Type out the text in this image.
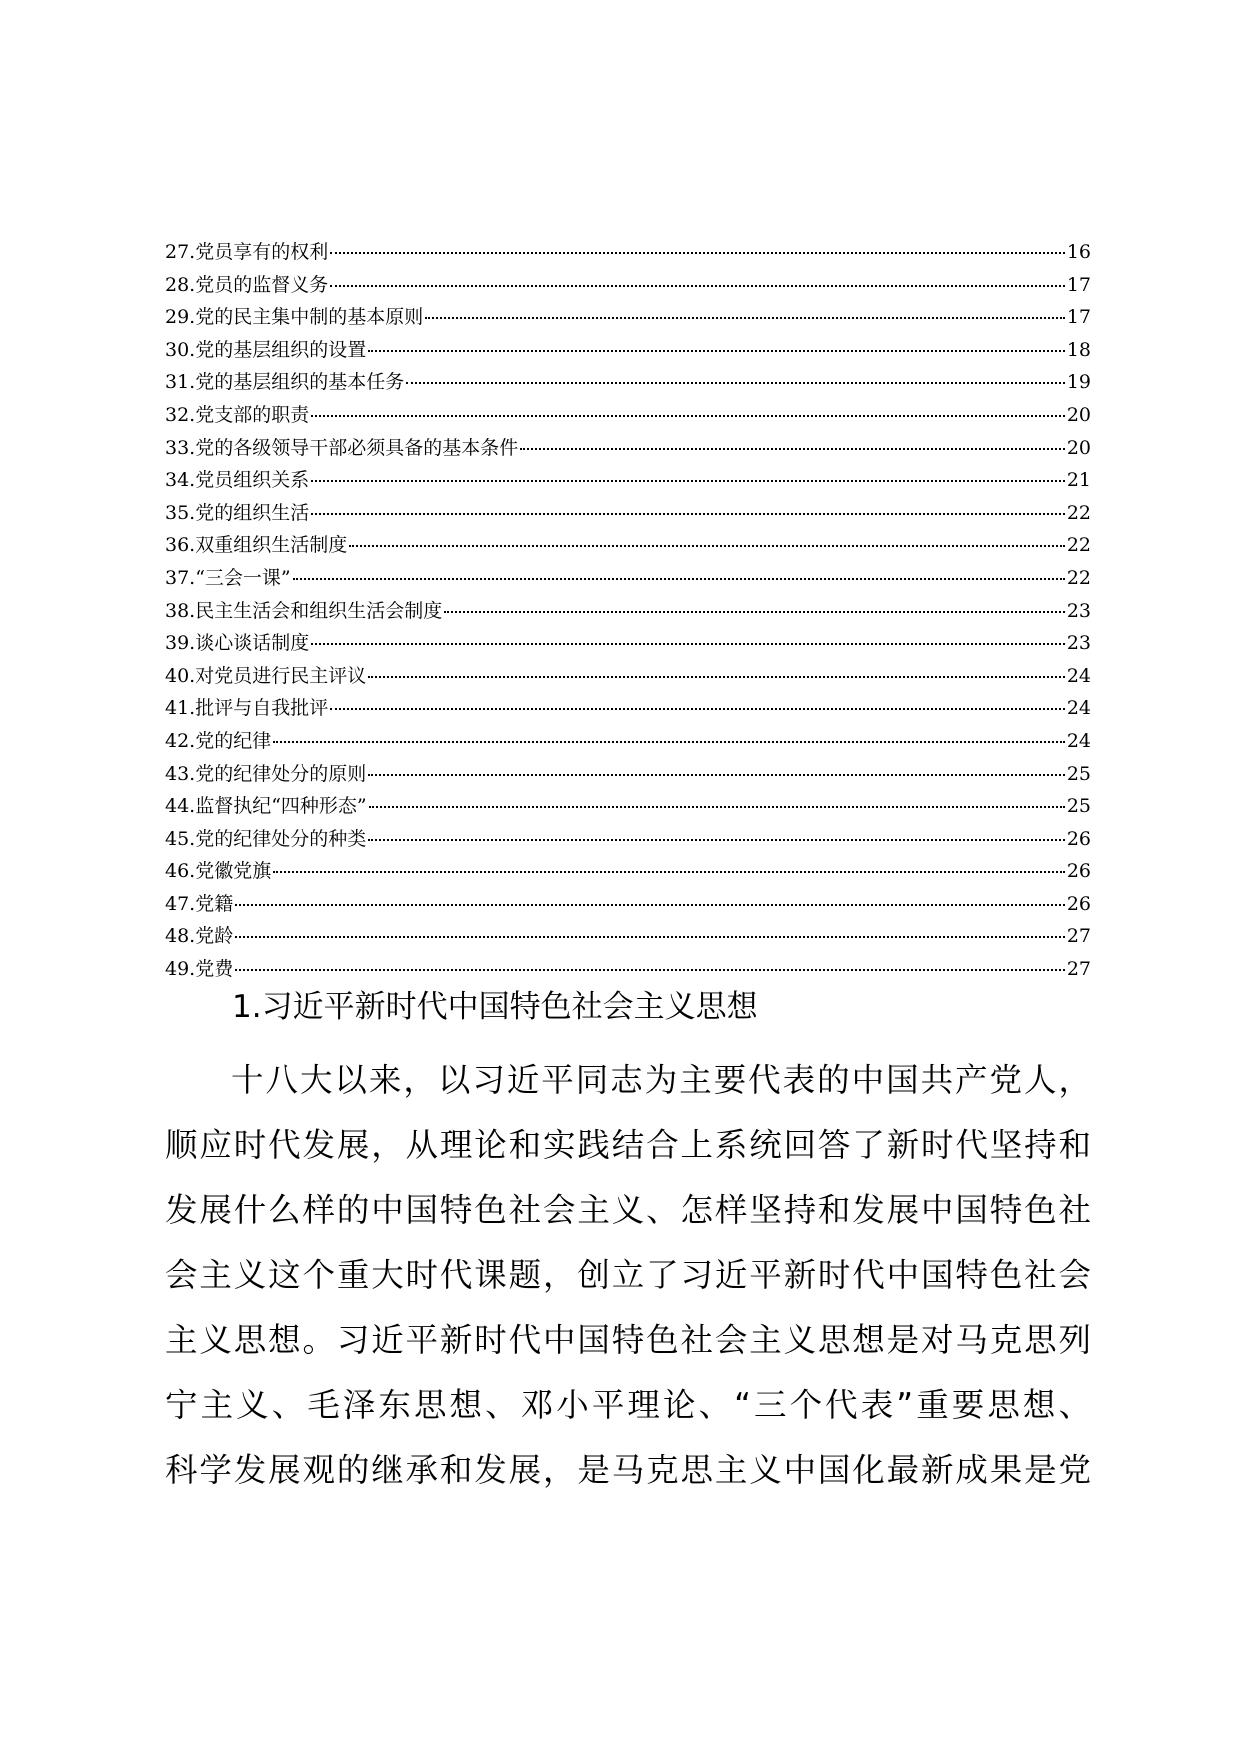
27.党员享有的权利	16
28.党员的监督义务	17
29.党的民主集中制的基本原则	17
30.党的基层组织的设置	18
31.党的基层组织的基本任务	19
32.党支部的职责	20
33.党的各级领导干部必须具备的基本条件	20
34.党员组织关系	21
35.党的组织生活	22
36.双重组织生活制度	22
37.“三会一课”	22
38.民主生活会和组织生活会制度	23
39.谈心谈话制度	23
40.对党员进行民主评议	24
41.批评与自我批评	24
42.党的纪律	24
43.党的纪律处分的原则	25
44.监督执纪“四种形态”	25
45.党的纪律处分的种类	26
46.党徽党旗	26
47.党籍	26
48.党龄	27
49.党费	27
1.习近平新时代中国特色社会主义思想
十八大以来，以习近平同志为主要代表的中国共产党人，
顺应时代发展，从理论和实践结合上系统回答了新时代坚持和
发展什么样的中国特色社会主义、怎样坚持和发展中国特色社
会主义这个重大时代课题，创立了习近平新时代中国特色社会
主义思想。习近平新时代中国特色社会主义思想是对马克思列
宁主义、毛泽东思想、邓小平理论、“三个代表”重要思想、
科学发展观的继承和发展，是马克思主义中国化最新成果是党
